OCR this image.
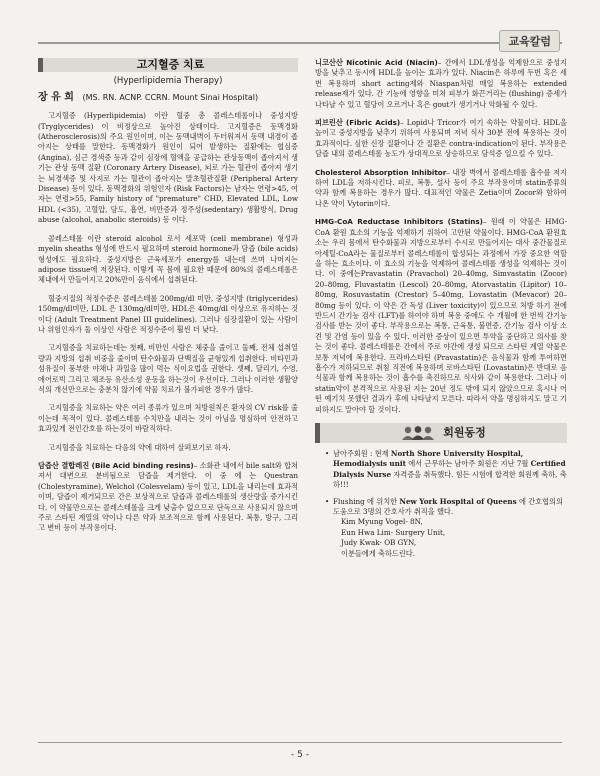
교육칼럼
고지혈증 치료
(Hyperlipidemia Therapy)
장 유 희 (MS. RN. ACNP. CCRN. Mount Sinai Hospital)

고지혈증 (Hyperlipidemia) 이란 혈중 총 콜레스테롤이나 중성지방 (Tryglycerides) 이 비정상으로 높아진 상태이다. 고지혈증은 동맥경화 (Atherosclerosis)의 주요 원인이며, 이는 동맥내벽이 두터워져서 동맥 내경이 좁아지는 상태를 말한다. 동맥경화가 원인이 되어 발생하는 질환에는 협심증 (Angina), 심근 경색증 등과 같이 심장에 혈액을 공급하는 관상동맥이 좁아져서 생기는 관상 동맥 질환 (Coronary Artery Disease), 뇌로 가는 혈관이 좁아져 생기는 뇌경색증 및 사지로 가는 혈관이 좁아지는 말초혈관질환 (Peripheral Artery Disease) 등이 있다. 동맥경화의 위험인자 (Risk Factors)는 남자는 연령>45, 여자는 연령>55, Family history of "premature" CHD, Elevated LDL, Low HDL (<35), 고혈압, 담도, 흡연, 비만증과 정주성(sedentary) 생활방식, Drug abuse (alcohol, anabolic steroids) 등 이다.

콜레스테롤 이란 steroid alcohol 로서 세포막 (cell membrane) 형성과 myelin sheaths 형성에 반드시 필요하며 steroid hormone과 담즙 (bile acids) 형성에도 필요하다. 중성지방은 근육세포가 energy를 내는데 쓰며 나머지는 adipose tissue에 저장된다. 이렇게 꼭 몸에 필요한 때문에 80%의 콜레스테롤은 체내에서 만들어지고 20%만이 음식에서 섭취된다.

혈중지질의 적정수준은 콜레스테롤 200mg/dl 미만, 중성지방 (triglycerides) 150mg/dl미만, LDL 은 130mg/dl미만, HDL은 40mg/dl 이상으로 유지하는 것이다 (Adult Treatment Panel III guidelines). 그러나 심장질환이 있는 사람이나 위험인자가 둘 이상인 사람은 적정수준이 훨씬 더 낮다.

고지혈증을 치료하는데는 첫째, 비만인 사람은 체중을 줄이고 둘째, 전체 섭취열량과 지방의 섭취 비중을 줄이며 탄수화물과 단백질을 균형있게 섭취한다. 비타민과 섬유질이 풍부한 야채나 과일을 많이 먹는 식이요법을 권한다. 셋째, 달리기, 수영, 에어로빅 그리고 체조등 유산소성 운동을 하는것이 우선이다. 그러나 이러한 생활양식의 개선만으로는 충분치 않기에 약물 치료가 불가피한 경우가 많다.

고지혈증을 치료하는 약은 여러 종류가 있으며 처방원칙은 환자의 CV risk를 줄이는데 목적이 있다. 콜레스테롤 수치만을 내리는 것이 아님을 명심하여 안전하고 효과있게 전인간호를 하는것이 바람직하다.

고지혈증을 치료하는 다음의 약에 대하여 살펴보기로 하자.

담즙산 결합레진 (Bile Acid binding resins)– 소화관 내에서 bile salt와 합쳐져서 대변으로 분비됨으로 담즙을 제거한다. 이 중 에 는 Questran (Cholestyramine), Welchol (Colesvelam) 등이 있고, LDL을 내리는데 효과적이며, 담즙이 제거되므로 간은 보상적으로 담즙과 콜레스테롤의 생산량을 증가시킨다. 이 약물만으로는 콜레스테롤을 크게 낮출수 없으므로 단독으로 사용되지 않으며 주로 스타틴 계열의 약이나 다른 약과 보조적으로 함께 사용된다. 복통, 방구, 그리고 변비 등이 부작용이다.

니코산산 Nicotinic Acid (Niacin)– 간에서 LDL생성을 억제함으로 중성지방을 낮추고 동시에 HDL을 높이는 효과가 있다. Niacin은 하루에 두번 혹은 세 번 복용하며 short acting제와 Niaspan처럼 매일 복용하는 extended release제가 있다. 간 기능에 영향을 미쳐 피부가 화끈거리는 (flushing) 증세가 나타날 수 있고 혈당이 오르거나 혹은 gout가 생기거나 악화될 수 있다.

피브린산 (Fibric Acids)– Lopid나 Tricor가 여기 속하는 약물이다. HDL을 높이고 중성지방을 낮추기 위하여 사용되며 저녁 식사 30분 전에 복용하는 것이 효과적이다. 심한 신장 질환이나 간 질환은 contra-indication이 된다. 부작용은 담즙 내의 콜레스테롤 농도가 상대적으로 상승하므로 담석증 일으킬 수 있다.

Cholesterol Absorption Inhibitor– 내장 벽에서 콜레스테롤 흡수를 저지하여 LDL을 저하시킨다. 피로, 복통, 설사 등이 주요 부작용이며 statin종류의 약과 함께 복용하는 경우가 많다. 대표적인 약물은 Zetia이며 Zocor와 함하여 나온 약이 Vytorin이다.

HMG-CoA Reductase Inhibitors (Statins)– 원래 이 약물은 HMG-CoA 환원 효소의 기능을 억제하기 위하여 고안된 약물이다. HMG-CoA 환원효소는 우리 몸에서 탄수화물과 지방으로부터 수시로 만들어지는 대사 중간물질로 아세틸-CoA라는 물질로부터 콜레스테롤이 합성되는 과정에서 가장 중요한 역할을 하는 효소이다. 이 효소의 기능을 억제하여 콜레스테롤 생성을 억제하는 것이다. 이 중에는Pravastatin (Pravachol) 20–40mg, Simvastatin (Zocor) 20–80mg, Fluvastatin (Lescol) 20–80mg, Atorvastatin (Lipitor) 10–80mg, Rosuvastatin (Crestor) 5–40mg, Lovastatin (Mevacor) 20–80mg 등이 있다. 이 약은 간 독성 (Liver toxicity)이 있으므로 처방 하기 전에 반드시 간기능 검사 (LFT)를 하여야 하며 복용 중에도 수 개월에 한 번씩 간기능 검사를 받는 것이 좋다. 부작용으로는 복통, 근육통, 불면증, 간기능 검사 이상 소견 및 간염 등이 있을 수 있다. 이러한 증상이 있으면 투약을 중단하고 의사를 찾는 것이 좋다. 콜레스테롤은 간에서 주로 야간에 생성 되므로 스타틴 계열 약물은 보통 저녁에 복용한다. 프라바스타틴 (Pravastatin)은 음식물과 함께 투여하면 흡수가 저하되므로 취침 직전에 복용하며 로바스타틴 (Lovastatin)은 반대로 음식물과 함께 복용하는 것이 흡수를 촉진하므로 식사와 같이 복용한다. 그러나 이 statin약이 본격적으로 사용된 지는 20년 정도 밖에 되지 않았으므로 혹시나 어떤 예기치 못했던 결과가 후에 나타날지 모른다. 따라서 약을 명심하지도 말고 기피하지도 말아야 할 것이다.

회원동정
• 남아주회원 : 현재 North Shore University Hospital, Hemodialysis unit 에서 근무하는 남아주 회원은 지난 7월 Certified Dialysis Nurse 자격증을 취득했다. 힘든 시험에 합격한 회원께 축하, 축하!!!
• Flushing 에 위치한 New York Hospital of Queens 에 간호협의의 도움으로 3명의 간호사가 취직을 했다.
Kim Myung Vogel- 8N,
Eun Hwa Lim- Surgery Unit,
Judy Kwak- OB GYN,
이분들에게 축하드린다.
- 5 -
